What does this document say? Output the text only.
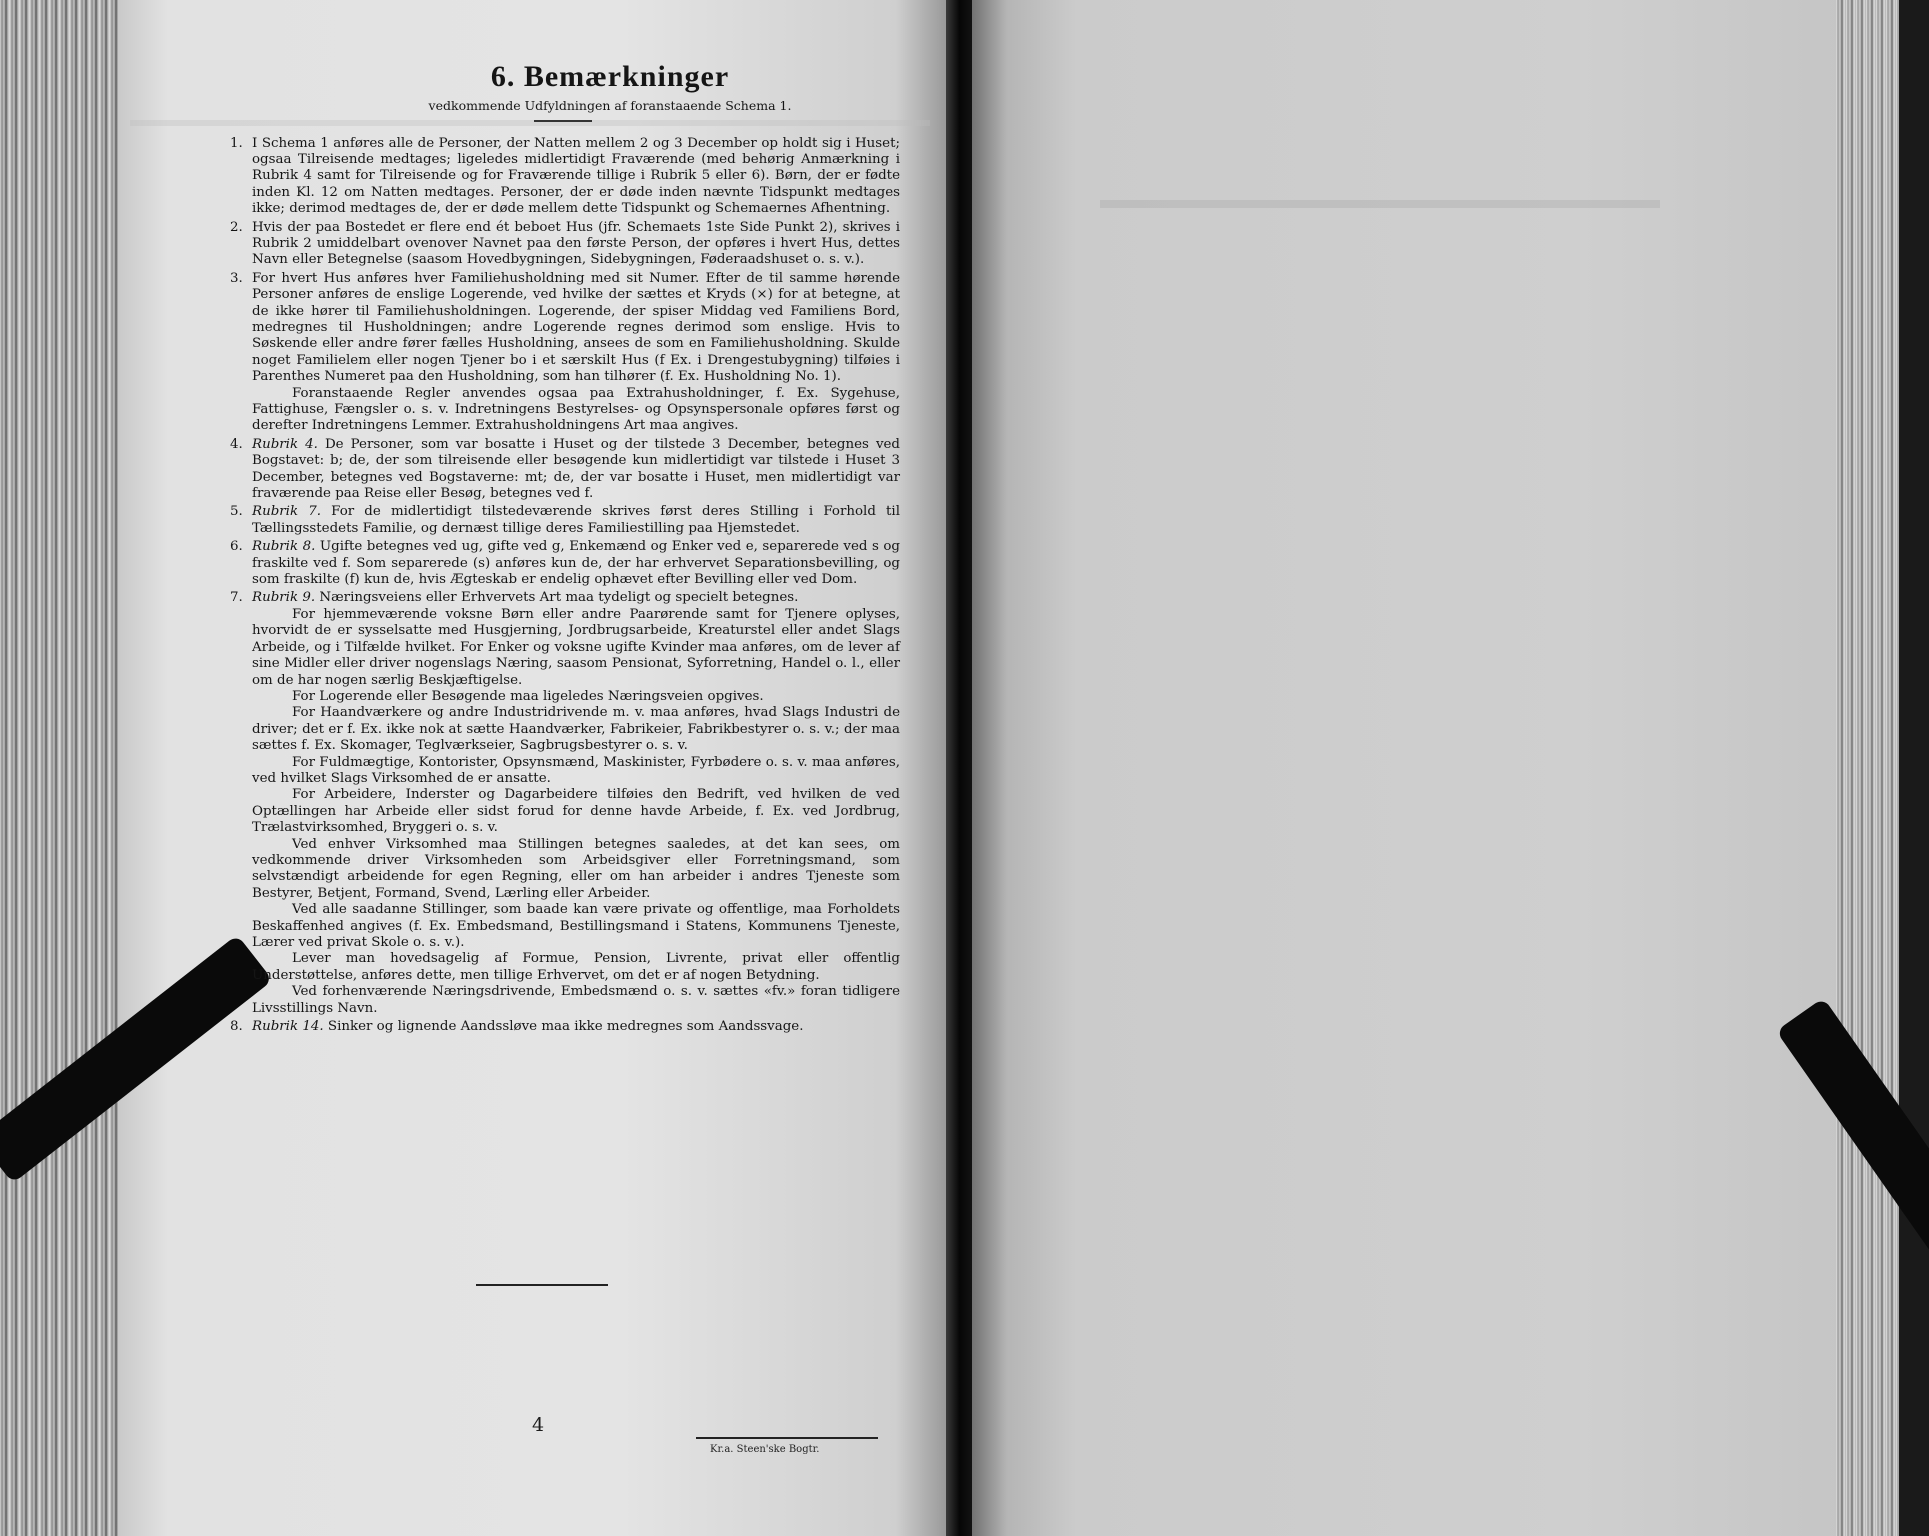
6. Bemærkninger

vedkommende Udfyldningen af foranstaaende Schema 1.

1. I Schema 1 anføres alle de Personer, der Natten mellem 2 og 3 December op holdt sig i Huset; ogsaa Tilreisende medtages; ligeledes midlertidigt Fraværende (med behørig Anmærkning i Rubrik 4 samt for Tilreisende og for Fraværende tillige i Rubrik 5 eller 6). Børn, der er fødte inden Kl. 12 om Natten medtages. Personer, der er døde inden nævnte Tidspunkt medtages ikke; derimod medtages de, der er døde mellem dette Tidspunkt og Schemaernes Afhentning.

2. Hvis der paa Bostedet er flere end ét beboet Hus (jfr. Schemaets 1ste Side Punkt 2), skrives i Rubrik 2 umiddelbart ovenover Navnet paa den første Person, der opføres i hvert Hus, dettes Navn eller Betegnelse (saasom Hovedbygningen, Sidebygningen, Føderaadshuset o. s. v.).

3. For hvert Hus anføres hver Familiehusholdning med sit Numer. Efter de til samme hørende Personer anføres de enslige Logerende, ved hvilke der sættes et Kryds (×) for at betegne, at de ikke hører til Familiehusholdningen. Logerende, der spiser Middag ved Familiens Bord, medregnes til Husholdningen; andre Logerende regnes derimod som enslige. Hvis to Søskende eller andre fører fælles Husholdning, ansees de som en Familiehusholdning. Skulde noget Familielem eller nogen Tjener bo i et særskilt Hus (f Ex. i Drengestubygning) tilføies i Parenthes Numeret paa den Husholdning, som han tilhører (f. Ex. Husholdning No. 1).

Foranstaaende Regler anvendes ogsaa paa Extrahusholdninger, f. Ex. Sygehuse, Fattighuse, Fængsler o. s. v. Indretningens Bestyrelses- og Opsynspersonale opføres først og derefter Indretningens Lemmer. Extrahusholdningens Art maa angives.

4. Rubrik 4. De Personer, som var bosatte i Huset og der tilstede 3 December, betegnes ved Bogstavet: b; de, der som tilreisende eller besøgende kun midlertidigt var tilstede i Huset 3 December, betegnes ved Bogstaverne: mt; de, der var bosatte i Huset, men midlertidigt var fraværende paa Reise eller Besøg, betegnes ved f.

5. Rubrik 7. For de midlertidigt tilstedeværende skrives først deres Stilling i Forhold til Tællingsstedets Familie, og dernæst tillige deres Familiestilling paa Hjemstedet.

6. Rubrik 8. Ugifte betegnes ved ug, gifte ved g, Enkemænd og Enker ved e, separerede ved s og fraskilte ved f. Som separerede (s) anføres kun de, der har erhvervet Separationsbevilling, og som fraskilte (f) kun de, hvis Ægteskab er endelig ophævet efter Bevilling eller ved Dom.

7. Rubrik 9. Næringsveiens eller Erhvervets Art maa tydeligt og specielt betegnes.

For hjemmeværende voksne Børn eller andre Paarørende samt for Tjenere oplyses, hvorvidt de er sysselsatte med Husgjerning, Jordbrugsarbeide, Kreaturstel eller andet Slags Arbeide, og i Tilfælde hvilket. For Enker og voksne ugifte Kvinder maa anføres, om de lever af sine Midler eller driver nogenslags Næring, saasom Pensionat, Syforretning, Handel o. l., eller om de har nogen særlig Beskjæftigelse.

For Logerende eller Besøgende maa ligeledes Næringsveien opgives.

For Haandværkere og andre Industridrivende m. v. maa anføres, hvad Slags Industri de driver; det er f. Ex. ikke nok at sætte Haandværker, Fabrikeier, Fabrikbestyrer o. s. v.; der maa sættes f. Ex. Skomager, Teglværkseier, Sagbrugsbestyrer o. s. v.

For Fuldmægtige, Kontorister, Opsynsmænd, Maskinister, Fyrbødere o. s. v. maa anføres, ved hvilket Slags Virksomhed de er ansatte.

For Arbeidere, Inderster og Dagarbeidere tilføies den Bedrift, ved hvilken de ved Optællingen har Arbeide eller sidst forud for denne havde Arbeide, f. Ex. ved Jordbrug, Trælastvirksomhed, Bryggeri o. s. v.

Ved enhver Virksomhed maa Stillingen betegnes saaledes, at det kan sees, om vedkommende driver Virksomheden som Arbeidsgiver eller Forretningsmand, som selvstændigt arbeidende for egen Regning, eller om han arbeider i andres Tjeneste som Bestyrer, Betjent, Formand, Svend, Lærling eller Arbeider.

Ved alle saadanne Stillinger, som baade kan være private og offentlige, maa Forholdets Beskaffenhed angives (f. Ex. Embedsmand, Bestillingsmand i Statens, Kommunens Tjeneste, Lærer ved privat Skole o. s. v.).

Lever man hovedsagelig af Formue, Pension, Livrente, privat eller offentlig Understøttelse, anføres dette, men tillige Erhvervet, om det er af nogen Betydning.

Ved forhenværende Næringsdrivende, Embedsmænd o. s. v. sættes «fv.» foran tidligere Livsstillings Navn.

8. Rubrik 14. Sinker og lignende Aandssløve maa ikke medregnes som Aandssvage.

4
Kr.a. Steen'ske Bogtr.
